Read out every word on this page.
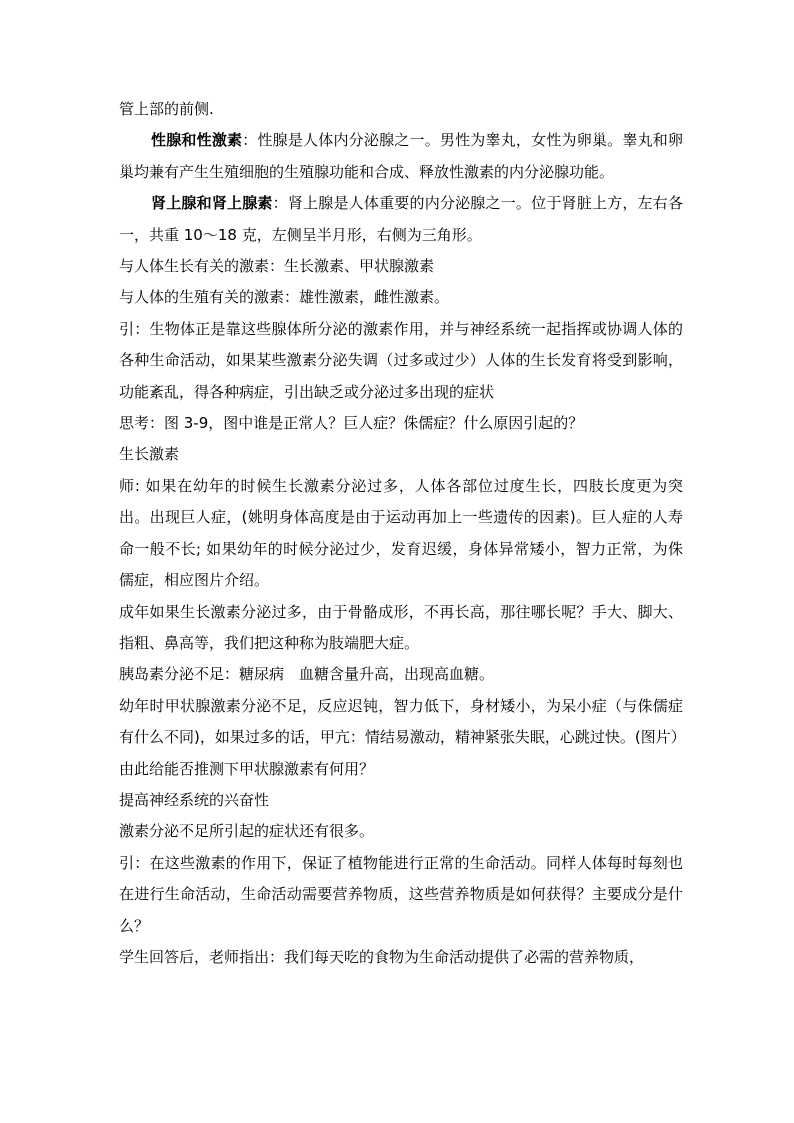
管上部的前侧.

性腺和性激素：性腺是人体内分泌腺之一。男性为睾丸，女性为卵巢。睾丸和卵巢均兼有产生生殖细胞的生殖腺功能和合成、释放性激素的内分泌腺功能。

肾上腺和肾上腺素：肾上腺是人体重要的内分泌腺之一。位于肾脏上方，左右各一，共重 10～18 克，左侧呈半月形，右侧为三角形。

与人体生长有关的激素：生长激素、甲状腺激素

与人体的生殖有关的激素：雄性激素，雌性激素。

引：生物体正是靠这些腺体所分泌的激素作用，并与神经系统一起指挥或协调人体的各种生命活动，如果某些激素分泌失调（过多或过少）人体的生长发育将受到影响，功能紊乱，得各种病症，引出缺乏或分泌过多出现的症状

思考：图 3-9，图中谁是正常人？巨人症？侏儒症？什么原因引起的？

生长激素

师: 如果在幼年的时候生长激素分泌过多，人体各部位过度生长，四肢长度更为突出。出现巨人症，(姚明身体高度是由于运动再加上一些遗传的因素)。巨人症的人寿命一般不长; 如果幼年的时候分泌过少，发育迟缓，身体异常矮小，智力正常，为侏儒症，相应图片介绍。

成年如果生长激素分泌过多，由于骨骼成形，不再长高，那往哪长呢？手大、脚大、指粗、鼻高等，我们把这种称为肢端肥大症。

胰岛素分泌不足：糖尿病　血糖含量升高，出现高血糖。

幼年时甲状腺激素分泌不足，反应迟钝，智力低下，身材矮小，为呆小症（与侏儒症有什么不同)，如果过多的话，甲亢：情结易激动，精神紧张失眠，心跳过快。(图片）

由此给能否推测下甲状腺激素有何用？

提高神经系统的兴奋性

激素分泌不足所引起的症状还有很多。

引：在这些激素的作用下，保证了植物能进行正常的生命活动。同样人体每时每刻也在进行生命活动，生命活动需要营养物质，这些营养物质是如何获得？主要成分是什么？

学生回答后，老师指出：我们每天吃的食物为生命活动提供了必需的营养物质，
